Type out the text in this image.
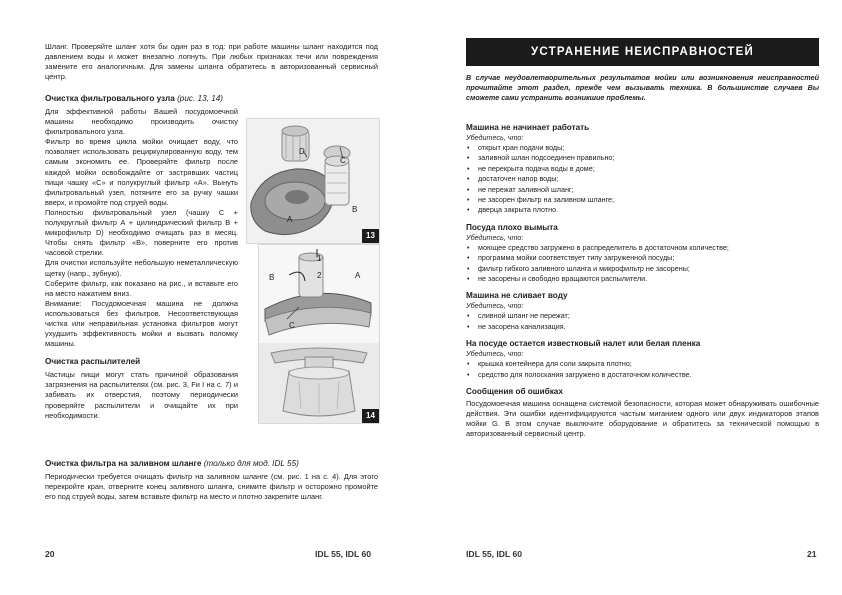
Шланг. Проверяйте шланг хотя бы один раз в год: при работе машины шланг находится под давлением воды и может внезапно лопнуть. При любых признаках течи или повреждения замените его аналогичным. Для замены шланга обратитесь в авторизованный сервисный центр.

Очистка фильтровального узла (рис. 13, 14)

Для эффективной работы Вашей посудомоечной машины необходимо производить очистку фильтровального узла.

Фильтр во время цикла мойки очищает воду, что позволяет использовать рециркулированную воду, тем самым экономить ее. Проверяйте фильтр после каждой мойки освобождайте от застрявших частиц пищи чашку «С» и полукруглый фильтр «А». Вынуть фильтровальный узел, потяните его за ручку чашки вверх, и промойте под струей воды.

Полностью фильтровальный узел (чашку С + полукруглый фильтр А + цилиндрический фильтр В + микрофильтр D) необходимо очищать раз в месяц. Чтобы снять фильтр «В», поверните его против часовой стрелки.

Для очистки используйте небольшую неметаллическую щетку (напр., зубную).

Соберите фильтр, как показано на рис., и вставьте его на место нажатием вниз.

Внимание: Посудомоечная машина не должна использоваться без фильтров. Несоответствующая чистка или неправильная установка фильтров могут ухудшить эффективность мойки и вызвать поломку машины.

Очистка распылителей

Частицы пищи могут стать причиной образования загрязнения на распылителях (см. рис. 3, Fи I на с. 7) и забивать их отверстия, поэтому периодически проверяйте распылители и очищайте их при необходимости.

D
C
A
B
13
1
2
B	A
C
14

Очистка фильтра на заливном шланге (только для мод. IDL 55)

Периодически требуется очищать фильтр на заливном шланге (см. рис. 1 на с. 4). Для этого перекройте кран, отверните конец заливного шланга, снимите фильтр и осторожно промойте его под струей воды, затем вставьте фильтр на место и плотно закрепите шланг.

20	IDL 55, IDL 60
УСТРАНЕНИЕ НЕИСПРАВНОСТЕЙ

В случае неудовлетворительных результатов мойки или возникновения неисправностей прочитайте этот раздел, прежде чем вызывать техника. В большинстве случаев Вы сможете сами устранить возникшие проблемы.

Машина не начинает работать

Убедитесь, что:

• открыт кран подачи воды;
• заливной шлан подсоединен правильно;
• не перекрыта подача воды в доме;
• достаточен напор воды;
• не пережат заливной шланг;
• не засорен фильтр на заливном шланге;
• дверца закрыта плотно.

Посуда плохо вымыта

Убедитесь, что:

• моющее средство загружено в распределитель в достаточном количестве;
• программа мойки соответствует типу загруженной посуды;
• фильтр гибкого заливного шланга и микрофильтр не засорены;
• не засорены и свободно вращаются распылители.

Машина не сливает воду

Убедитесь, что:

• сливной шланг не пережат;
• не засорена канализация.

На посуде остается известковый налет или белая пленка

Убедитесь, что:

• крышка контейнера для соли закрыта плотно;
• средство для полоскания загружено в достаточном количестве.

Сообщения об ошибках

Посудомоечная машина оснащена системой безопасности, которая может обнаруживать ошибочные действия. Эти ошибки идентифицируются частым миганием одного или двух индикаторов этапов мойки G. В этом случае выключите оборудование и обратитесь за технической помощью в авторизованный сервисный центр.

IDL 55, IDL 60	21
